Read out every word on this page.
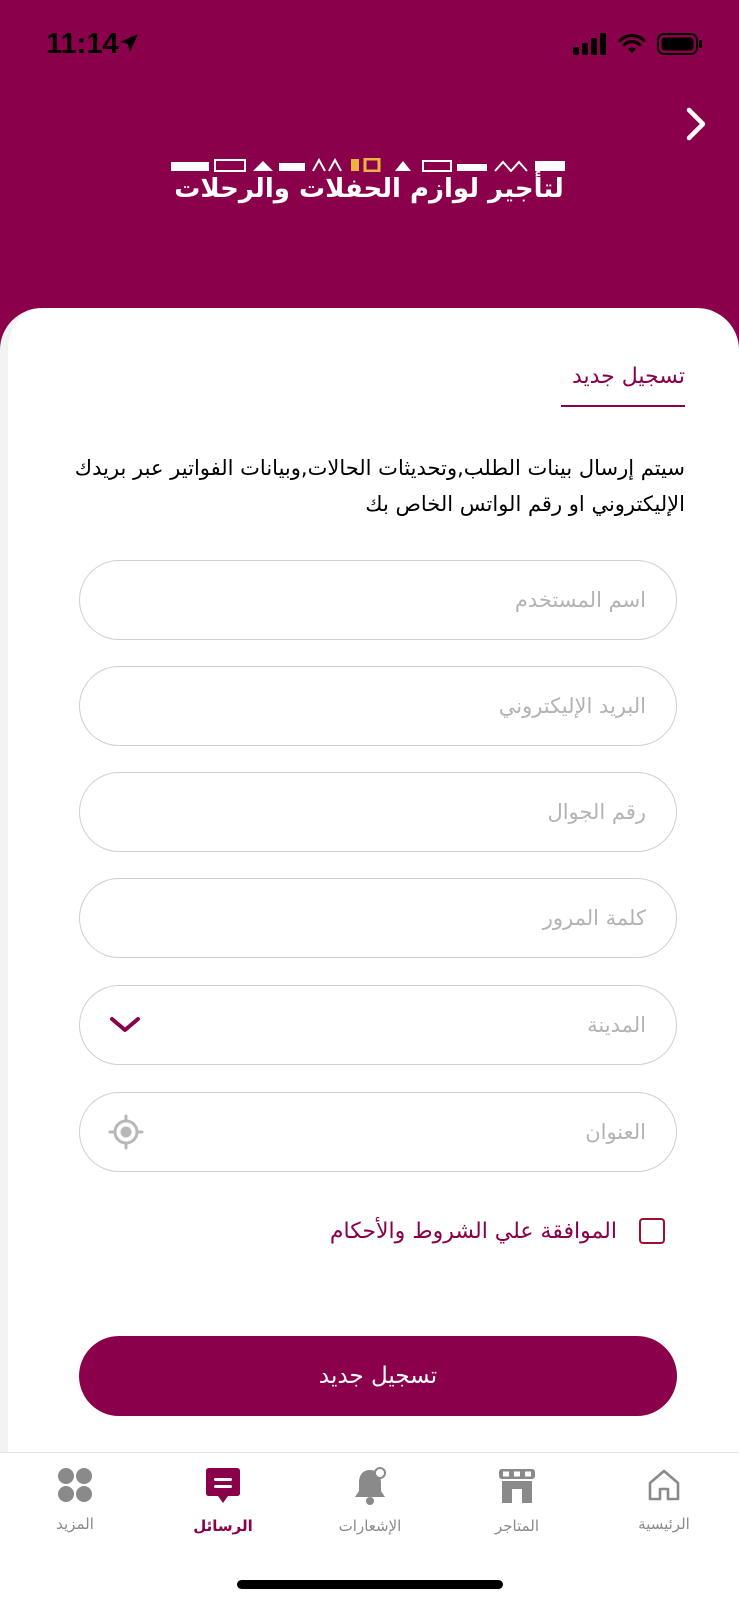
11:14
لتأجير لوازم الحفلات والرحلات
تسجيل جديد
سيتم إرسال بينات الطلب,وتحديثات الحالات,وبيانات الفواتير عبر بريدك الإليكتروني او رقم الواتس الخاص بك
اسم المستخدم
البريد الإليكتروني
رقم الجوال
كلمة المرور
المدينة
العنوان
الموافقة علي الشروط والأحكام
تسجيل جديد
الرئيسية
المتاجر
الإشعارات
الرسائل
المزيد
